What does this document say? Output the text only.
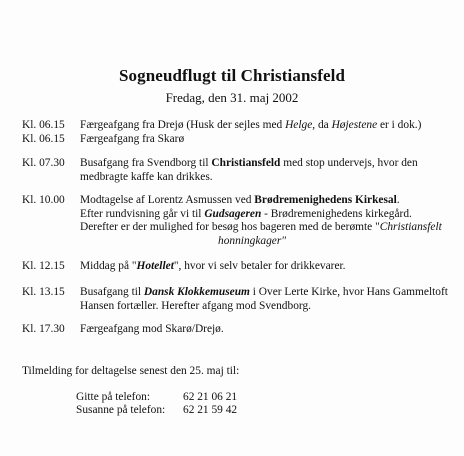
Sogneudflugt til Christiansfeld
Fredag, den 31. maj 2002
Kl. 06.15	Færgeafgang fra Drejø (Husk der sejles med Helge, da Højestene er i dok.)
Kl. 06.15	Færgeafgang fra Skarø
Kl. 07.30	Busafgang fra Svendborg til Christiansfeld med stop undervejs, hvor den
medbragte kaffe kan drikkes.
Kl. 10.00	Modtagelse af Lorentz Asmussen ved Brødremenighedens Kirkesal.
Efter rundvisning går vi til Gudsageren - Brødremenighedens kirkegård.
Derefter er der mulighed for besøg hos bageren med de berømte "Christiansfelt
honningkager"
Kl. 12.15	Middag på "Hotellet", hvor vi selv betaler for drikkevarer.
Kl. 13.15	Busafgang til Dansk Klokkemuseum i Over Lerte Kirke, hvor Hans Gammeltoft
Hansen fortæller. Herefter afgang mod Svendborg.
Kl. 17.30	Færgeafgang mod Skarø/Drejø.
Tilmelding for deltagelse senest den 25. maj til:
Gitte på telefon:	62 21 06 21
Susanne på telefon: 62 21 59 42
